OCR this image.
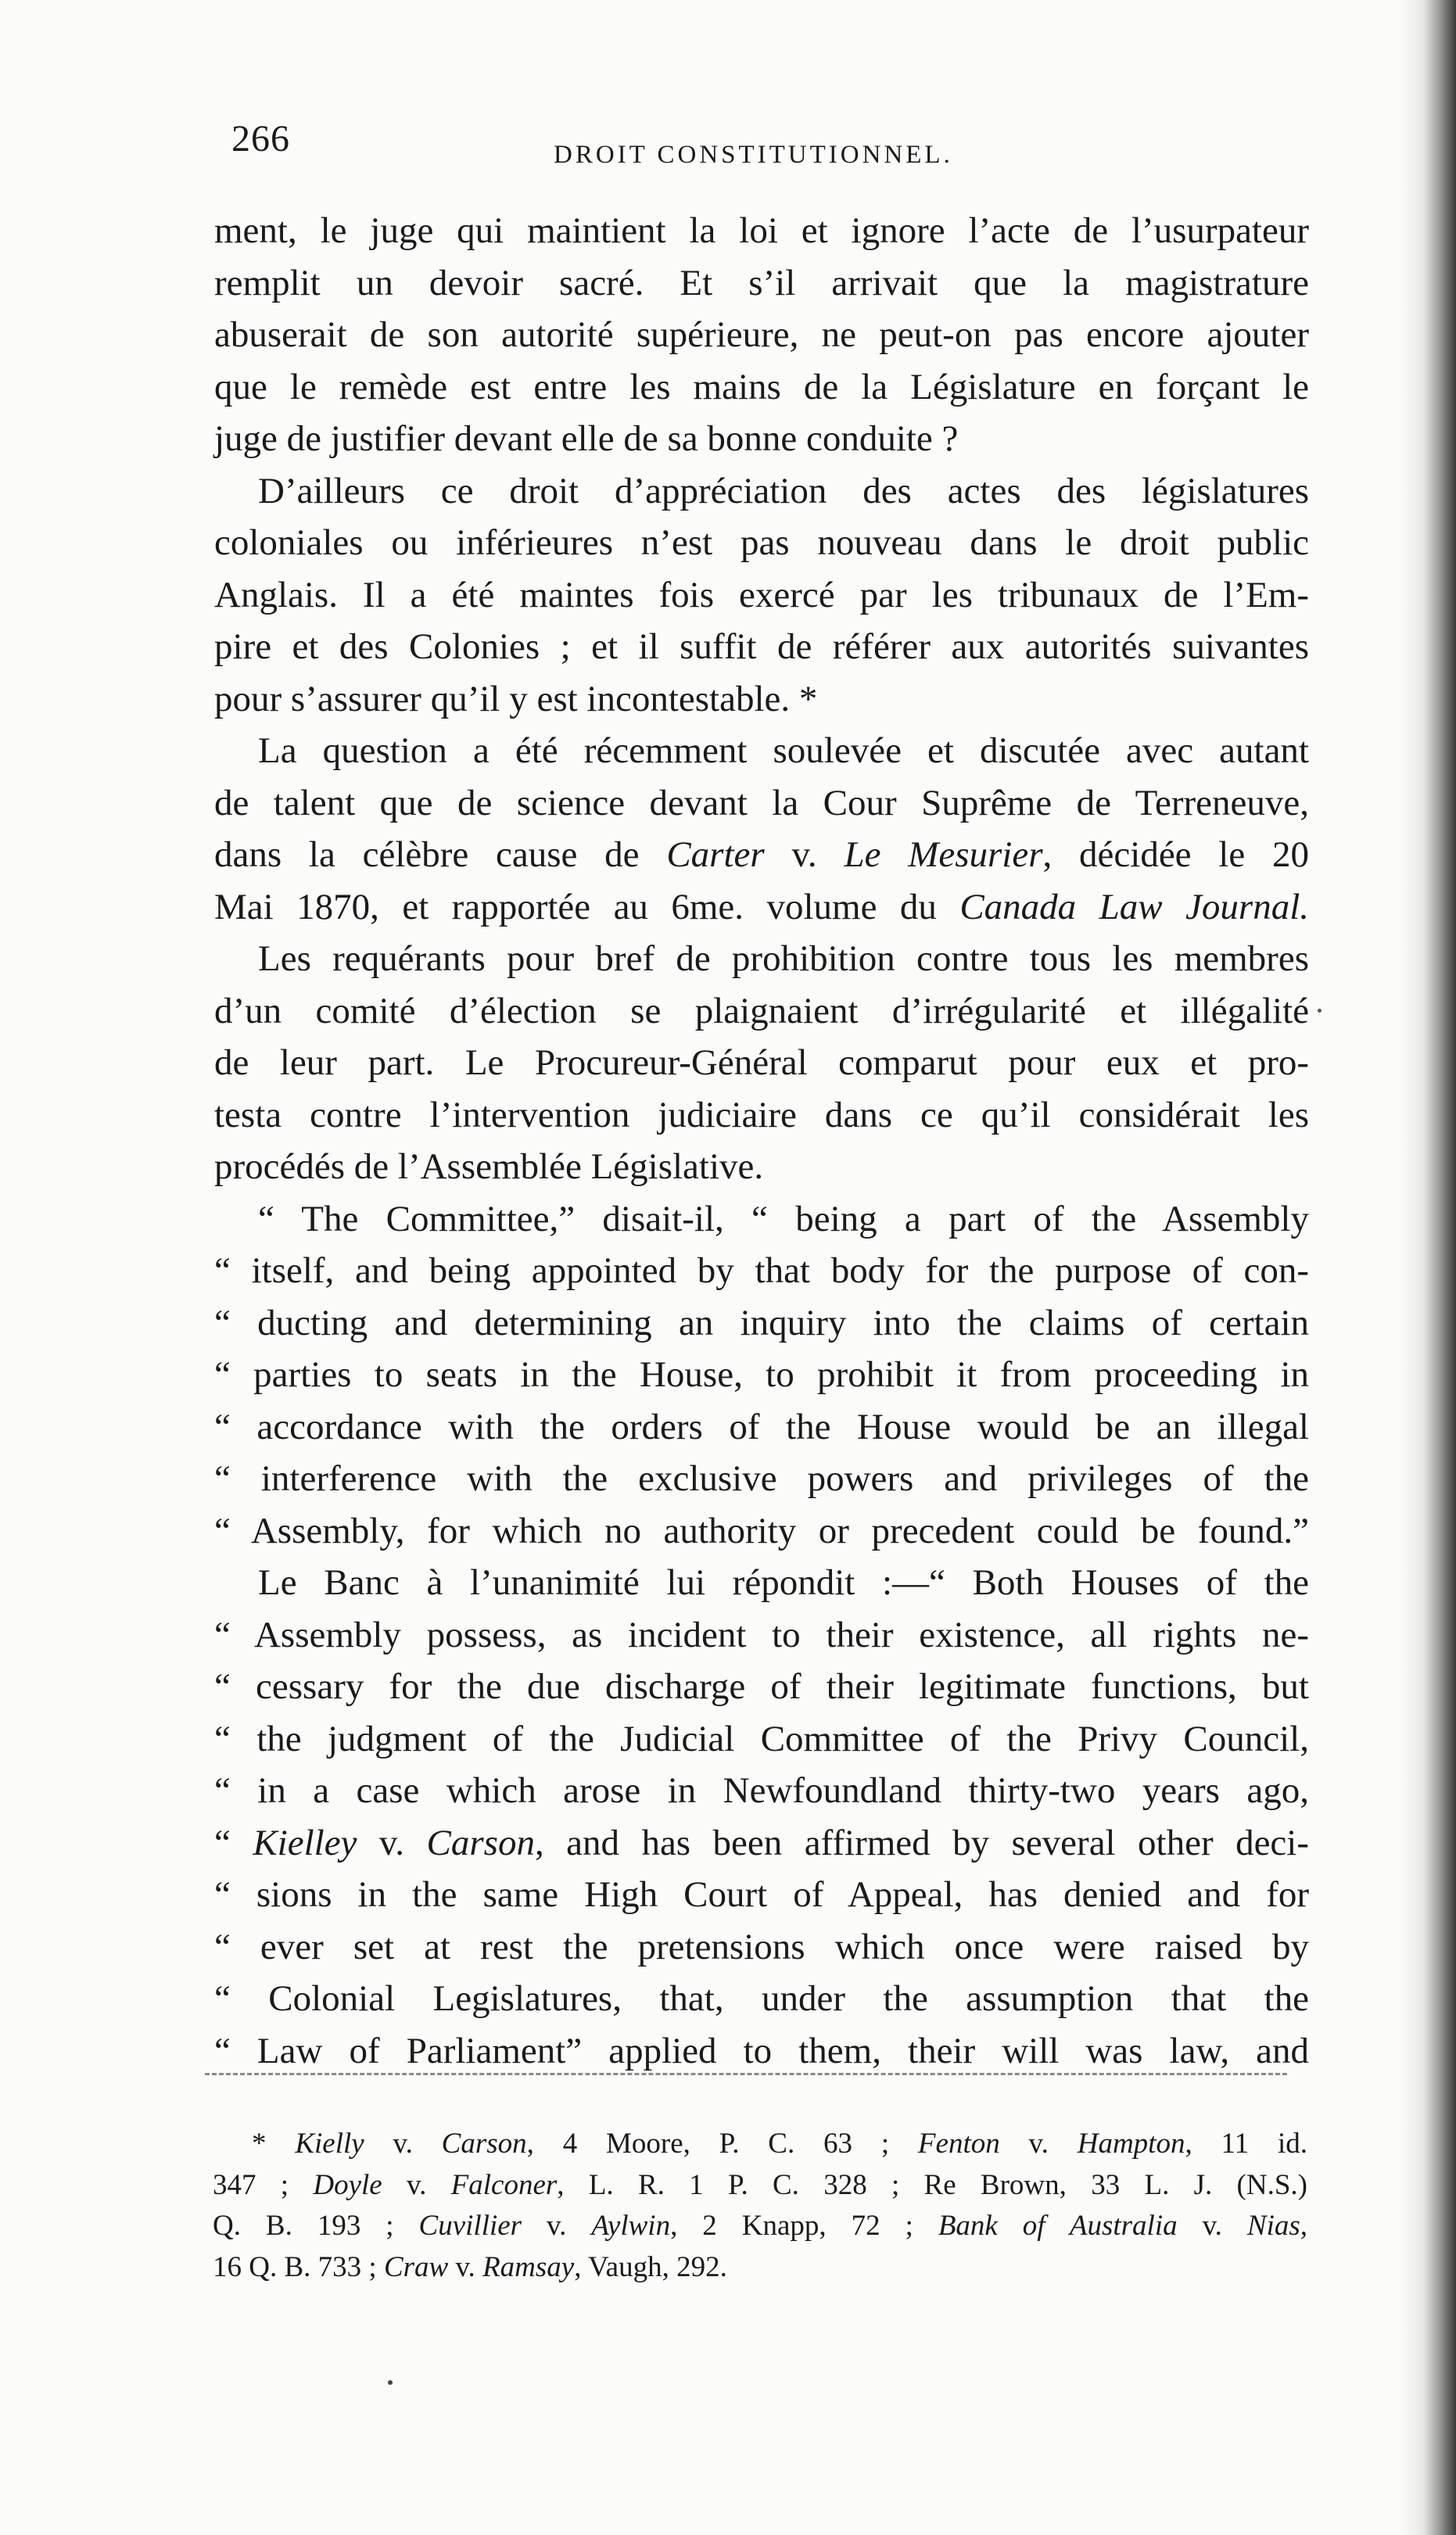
266	DROIT CONSTITUTIONNEL.
ment, le juge qui maintient la loi et ignore l’acte de l’usurpateur
remplit un devoir sacré. Et s’il arrivait que la magistrature
abuserait de son autorité supérieure, ne peut-on pas encore ajouter
que le remède est entre les mains de la Législature en forçant le
juge de justifier devant elle de sa bonne conduite ?
D’ailleurs ce droit d’appréciation des actes des législatures
coloniales ou inférieures n’est pas nouveau dans le droit public
Anglais. Il a été maintes fois exercé par les tribunaux de l’Em-
pire et des Colonies ; et il suffit de référer aux autorités suivantes
pour s’assurer qu’il y est incontestable. *
La question a été récemment soulevée et discutée avec autant
de talent que de science devant la Cour Suprême de Terreneuve,
dans la célèbre cause de Carter v. Le Mesurier, décidée le 20
Mai 1870, et rapportée au 6me. volume du Canada Law Journal.
Les requérants pour bref de prohibition contre tous les membres
d’un comité d’élection se plaignaient d’irrégularité et illégalité
de leur part. Le Procureur-Général comparut pour eux et pro-
testa contre l’intervention judiciaire dans ce qu’il considérait les
procédés de l’Assemblée Législative.
“ The Committee,” disait-il, “ being a part of the Assembly
“ itself, and being appointed by that body for the purpose of con-
“ ducting and determining an inquiry into the claims of certain
“ parties to seats in the House, to prohibit it from proceeding in
“ accordance with the orders of the House would be an illegal
“ interference with the exclusive powers and privileges of the
“ Assembly, for which no authority or precedent could be found.”
Le Banc à l’unanimité lui répondit :—“ Both Houses of the
“ Assembly possess, as incident to their existence, all rights ne-
“ cessary for the due discharge of their legitimate functions, but
“ the judgment of the Judicial Committee of the Privy Council,
“ in a case which arose in Newfoundland thirty-two years ago,
“ Kielley v. Carson, and has been affirmed by several other deci-
“ sions in the same High Court of Appeal, has denied and for
“ ever set at rest the pretensions which once were raised by
“ Colonial Legislatures, that, under the assumption that the
“ Law of Parliament” applied to them, their will was law, and
* Kielly v. Carson, 4 Moore, P. C. 63 ; Fenton v. Hampton, 11 id.
347 ; Doyle v. Falconer, L. R. 1 P. C. 328 ; Re Brown, 33 L. J. (N.S.)
Q. B. 193 ; Cuvillier v. Aylwin, 2 Knapp, 72 ; Bank of Australia v. Nias,
16 Q. B. 733 ; Craw v. Ramsay, Vaugh, 292.
